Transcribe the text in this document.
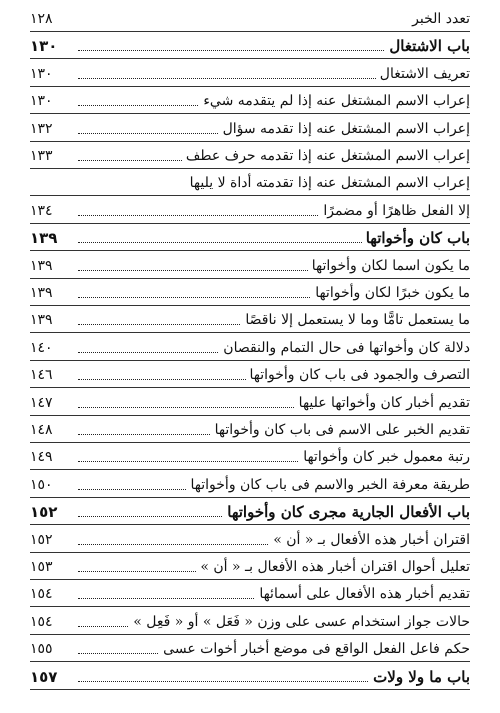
تعدد الخبر
١٢٨
باب الاشتغال
١٣٠
تعريف الاشتغال
١٣٠
إعراب الاسم المشتغل عنه إذا لم يتقدمه شيء
١٣٠
إعراب الاسم المشتغل عنه إذا تقدمه سؤال
١٣٢
إعراب الاسم المشتغل عنه إذا تقدمه حرف عطف
١٣٣
إعراب الاسم المشتغل عنه إذا تقدمته أداة لا يليها
إلا الفعل ظاهرًا أو مضمرًا
١٣٤
باب كان وأخواتها
١٣٩
ما يكون اسما لكان وأخواتها
١٣٩
ما يكون خبرًا لكان وأخواتها
١٣٩
ما يستعمل تامًّا وما لا يستعمل إلا ناقصًا
١٣٩
دلالة كان وأخواتها فى حال التمام والنقصان
١٤٠
التصرف والجمود فى باب كان وأخواتها
١٤٦
تقديم أخبار كان وأخواتها عليها
١٤٧
تقديم الخبر على الاسم فى باب كان وأخواتها
١٤٨
رتبة معمول خبر كان وأخواتها
١٤٩
طريقة معرفة الخبر والاسم فى باب كان وأخواتها
١٥٠
باب الأفعال الجارية مجرى كان وأخواتها
١٥٢
اقتران أخبار هذه الأفعال بـ « أن »
١٥٢
تعليل أحوال اقتران أخبار هذه الأفعال بـ « أن »
١٥٣
تقديم أخبار هذه الأفعال على أسمائها
١٥٤
حالات جواز استخدام عسى على وزن « فَعَل » أو « فَعِل »
١٥٤
حكم فاعل الفعل الواقع فى موضع أخبار أخوات عسى
١٥٥
باب ما ولا ولات
١٥٧
